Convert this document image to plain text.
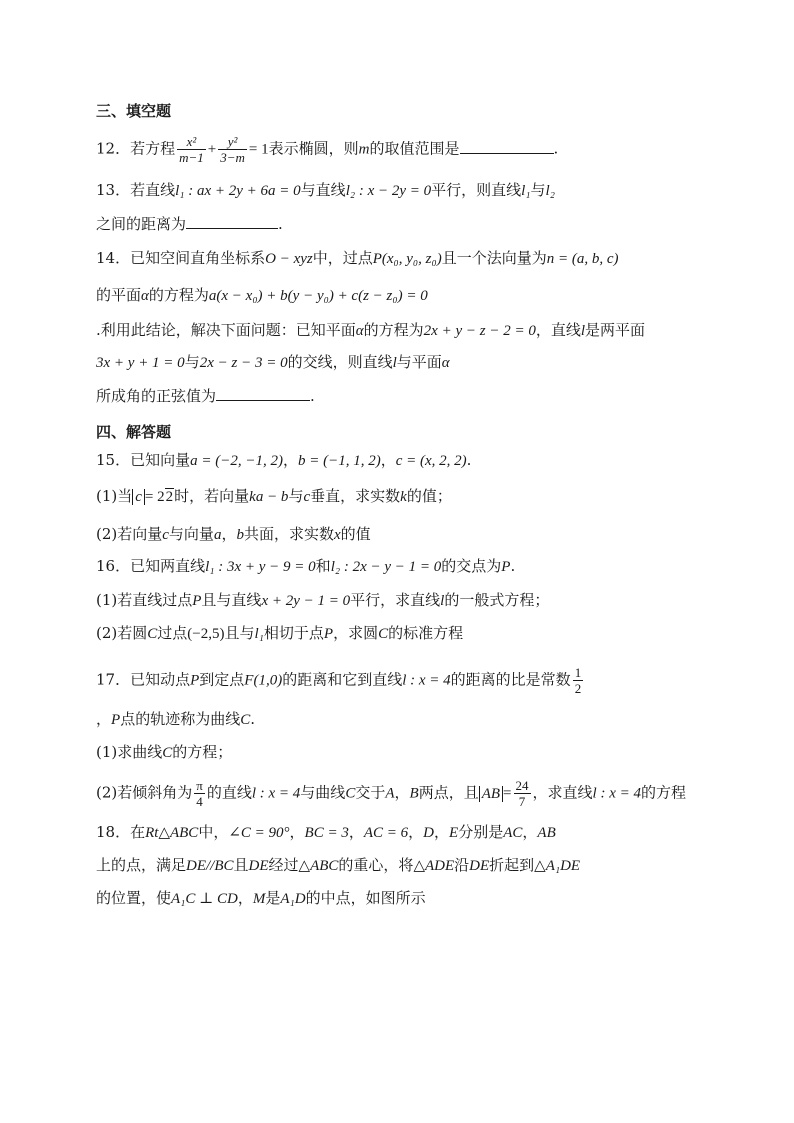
三、填空题
12．若方程 $\frac{\text{x²}}{m-1} + \frac{\text{y²}}{3-m} = 1$表示椭圆，则m的取值范围是	.
13．若直线l₁ : ax + 2y + 6a = 0与直线l₂ : x − 2y = 0平行，则直线l₁与l₂
之间的距离为	.
14．已知空间直角坐标系O − xyz中，过点P(x₀, y₀, z₀)且一个法向量为n = (a, b, c)
的平面α的方程为a(x − x₀) + b(y − y₀) + c(z − z₀) = 0
.利用此结论，解决下面问题：已知平面α的方程为2x + y − z − 2 = 0，直线l是两平面
3x + y + 1 = 0与2x − z − 3 = 0的交线，则直线l与平面α
所成角的正弦值为	.
四、解答题
15．已知向量a = (−2, −1, 2)，b = (−1, 1, 2)，c = (x, 2, 2).
(1)当 c = 22时，若向量ka − b与c垂直，求实数k的值；
(2)若向量c与向量a，b共面，求实数x的值
16．已知两直线l₁ : 3x + y − 9 = 0和l₂ : 2x − y − 1 = 0的交点为P.
(1)若直线过点P且与直线x + 2y − 1 = 0平行，求直线l的一般式方程；
(2)若圆C过点(−2,5)且与l₁相切于点P，求圆C的标准方程
17．已知动点P到定点F(1,0)的距离和它到直线l : x = 4的距离的比是常数 $\frac{1}{2}$
，P点的轨迹称为曲线C.
(1)求曲线C的方程；
(2)若倾斜角为 $\frac{\pi}{4}$ 的直线l : x = 4与曲线C交于A，B两点，且 AB = $\frac{24}{7}$ ，求直线l : x = 4的方程
18．在Rt△ABC中，∠C = 90°，BC = 3，AC = 6，D，E分别是AC，AB
上的点，满足DE//BC且DE经过△ABC的重心，将△ADE沿DE折起到△A₁DE
的位置，使A₁C ⊥ CD，M是A₁D的中点，如图所示
